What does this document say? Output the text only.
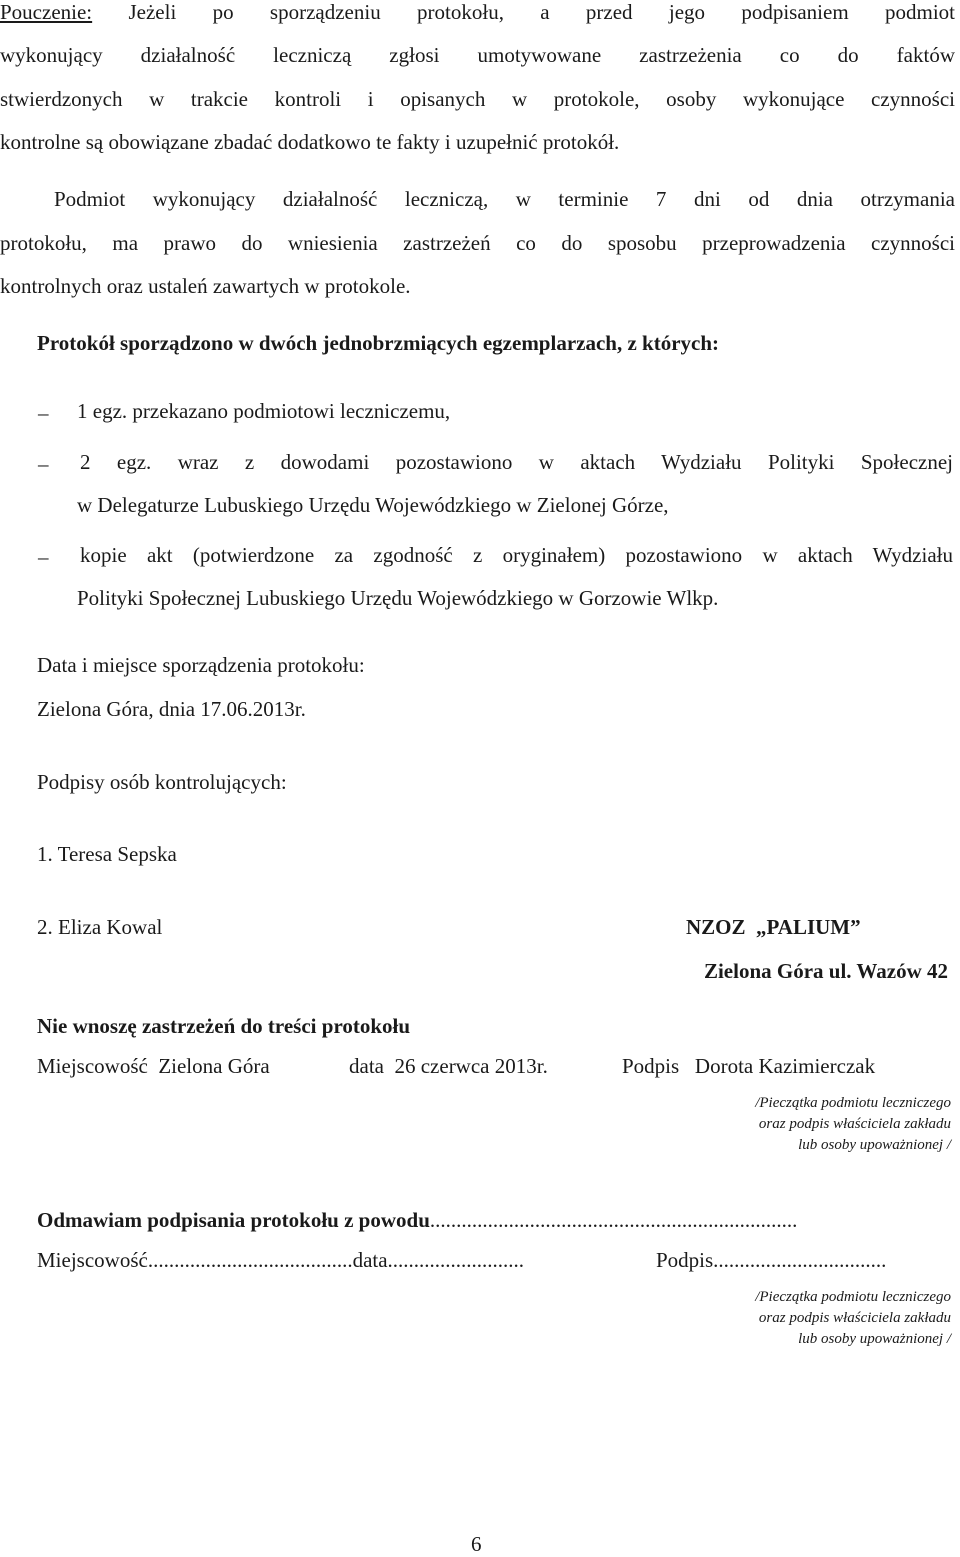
Pouczenie: Jeżeli po sporządzeniu protokołu, a przed jego podpisaniem podmiot
wykonujący działalność leczniczą zgłosi umotywowane zastrzeżenia co do faktów
stwierdzonych w trakcie kontroli i opisanych w protokole, osoby wykonujące czynności
kontrolne są obowiązane zbadać dodatkowo te fakty i uzupełnić protokół.
Podmiot wykonujący działalność leczniczą, w terminie 7 dni od dnia otrzymania
protokołu, ma prawo do wniesienia zastrzeżeń co do sposobu przeprowadzenia czynności
kontrolnych oraz ustaleń zawartych w protokole.
Protokół sporządzono w dwóch jednobrzmiących egzemplarzach, z których:
– 1 egz. przekazano podmiotowi leczniczemu,
– 2 egz. wraz z dowodami pozostawiono w aktach Wydziału Polityki Społecznej
w Delegaturze Lubuskiego Urzędu Wojewódzkiego w Zielonej Górze,
– kopie akt (potwierdzone za zgodność z oryginałem) pozostawiono w aktach Wydziału
Polityki Społecznej Lubuskiego Urzędu Wojewódzkiego w Gorzowie Wlkp.
Data i miejsce sporządzenia protokołu:
Zielona Góra, dnia 17.06.2013r.
Podpisy osób kontrolujących:
1. Teresa Sepska
2. Eliza Kowal	NZOZ  „PALIUM”
Zielona Góra ul. Wazów 42
Nie wnoszę zastrzeżeń do treści protokołu
Miejscowość  Zielona Góra	data  26 czerwca 2013r.	Podpis   Dorota Kazimierczak
/Pieczątka podmiotu leczniczego
oraz podpis właściciela zakładu
lub osoby upoważnionej /
Odmawiam podpisania protokołu z powodu......................................................................
Miejscowość.......................................data..........................	Podpis.................................
/Pieczątka podmiotu leczniczego
oraz podpis właściciela zakładu
lub osoby upoważnionej /
6
